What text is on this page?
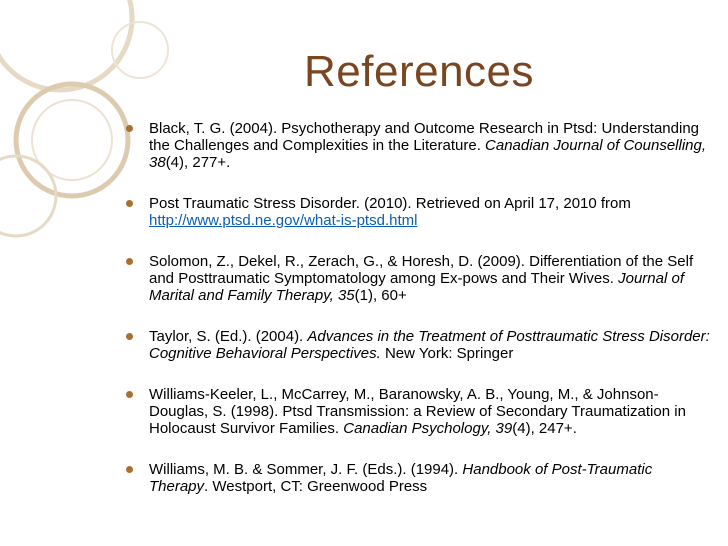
References
Black, T. G. (2004). Psychotherapy and Outcome Research in Ptsd: Understanding the Challenges and Complexities in the Literature. Canadian Journal of Counselling, 38(4), 277+.
Post Traumatic Stress Disorder. (2010). Retrieved on April 17, 2010 from http://www.ptsd.ne.gov/what-is-ptsd.html
Solomon, Z., Dekel, R., Zerach, G., & Horesh, D. (2009). Differentiation of the Self and Posttraumatic Symptomatology among Ex-pows and Their Wives. Journal of Marital and Family Therapy, 35(1), 60+
Taylor, S. (Ed.). (2004). Advances in the Treatment of Posttraumatic Stress Disorder: Cognitive Behavioral Perspectives. New York: Springer
Williams-Keeler, L., McCarrey, M., Baranowsky, A. B., Young, M., & Johnson-Douglas, S. (1998). Ptsd Transmission: a Review of Secondary Traumatization in Holocaust Survivor Families. Canadian Psychology, 39(4), 247+.
Williams, M. B. & Sommer, J. F. (Eds.). (1994). Handbook of Post-Traumatic Therapy. Westport, CT: Greenwood Press
